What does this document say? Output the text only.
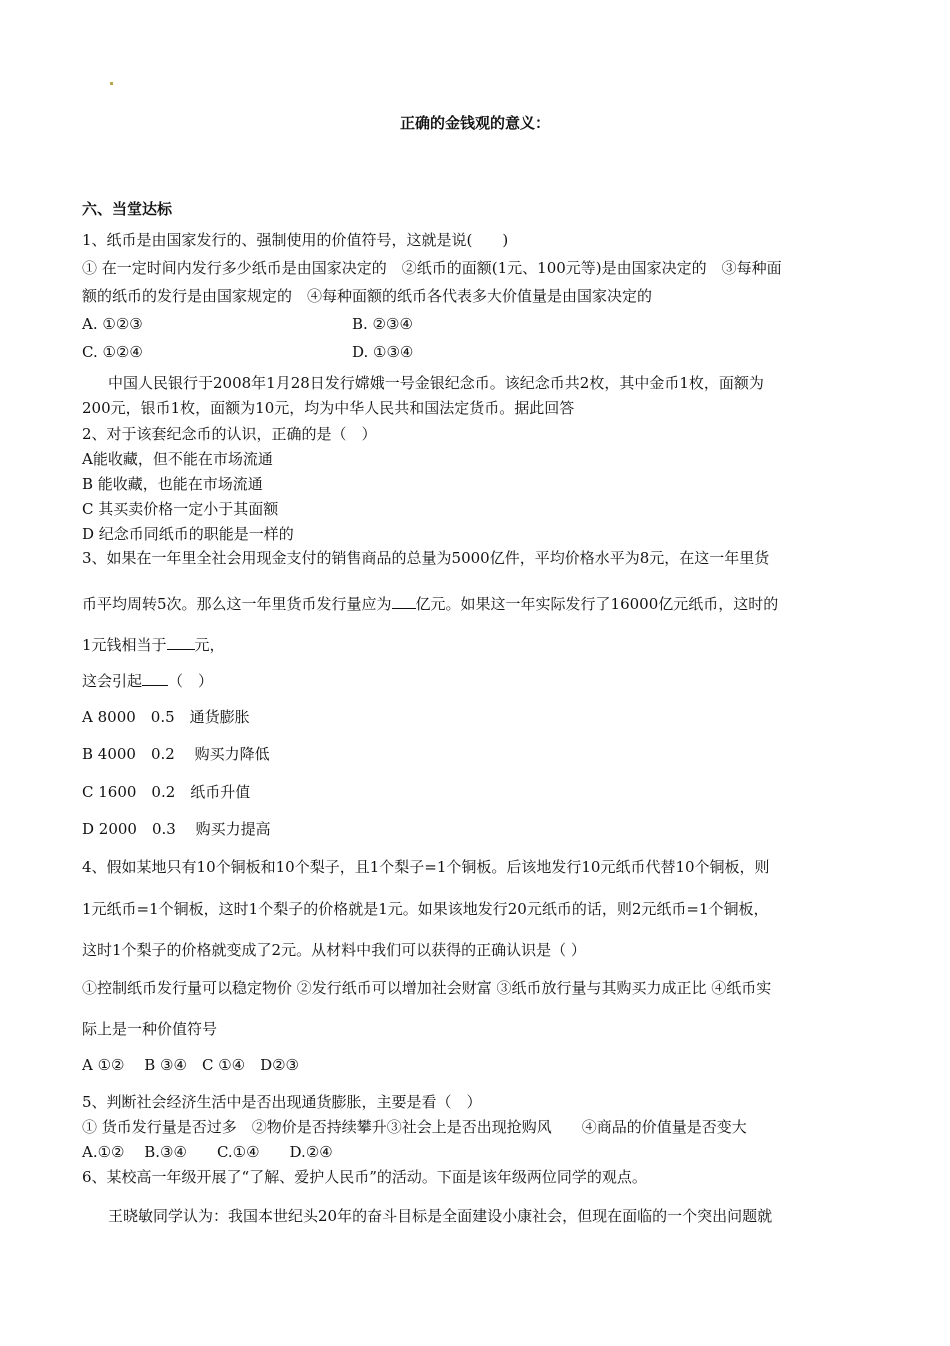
正确的金钱观的意义：
六、当堂达标
1、纸币是由国家发行的、强制使用的价值符号，这就是说(　　)
① 在一定时间内发行多少纸币是由国家决定的　②纸币的面额(1元、100元等)是由国家决定的　③每种面
额的纸币的发行是由国家规定的　④每种面额的纸币各代表多大价值量是由国家决定的
A. ①②③	B. ②③④
C. ①②④	D. ①③④
中国人民银行于2008年1月28日发行嫦娥一号金银纪念币。该纪念币共2枚，其中金币1枚，面额为
200元，银币1枚，面额为10元，均为中华人民共和国法定货币。据此回答
2、对于该套纪念币的认识，正确的是（　）
A能收藏，但不能在市场流通
B 能收藏，也能在市场流通
C 其买卖价格一定小于其面额
D 纪念币同纸币的职能是一样的
3、如果在一年里全社会用现金支付的销售商品的总量为5000亿件，平均价格水平为8元，在这一年里货
币平均周转5次。那么这一年里货币发行量应为 亿元。如果这一年实际发行了16000亿元纸币，这时的
1元钱相当于 元，
这会引起 （　）
A 8000　0.5　通货膨胀
B 4000　0.2　 购买力降低
C 1600　0.2　纸币升值
D 2000　0.3　 购买力提高
4、假如某地只有10个铜板和10个梨子，且1个梨子=1个铜板。后该地发行10元纸币代替10个铜板，则
1元纸币=1个铜板，这时1个梨子的价格就是1元。如果该地发行20元纸币的话，则2元纸币=1个铜板，
这时1个梨子的价格就变成了2元。从材料中我们可以获得的正确认识是（ ）
①控制纸币发行量可以稳定物价 ②发行纸币可以增加社会财富 ③纸币放行量与其购买力成正比 ④纸币实
际上是一种价值符号
A ①②　 B ③④　C ①④　D②③
5、判断社会经济生活中是否出现通货膨胀，主要是看（　）
① 货币发行量是否过多　②物价是否持续攀升③社会上是否出现抢购风　　④商品的价值量是否变大
A.①②　 B.③④　　C.①④　　D.②④
6、某校高一年级开展了“了解、爱护人民币”的活动。下面是该年级两位同学的观点。
王晓敏同学认为：我国本世纪头20年的奋斗目标是全面建设小康社会，但现在面临的一个突出问题就
